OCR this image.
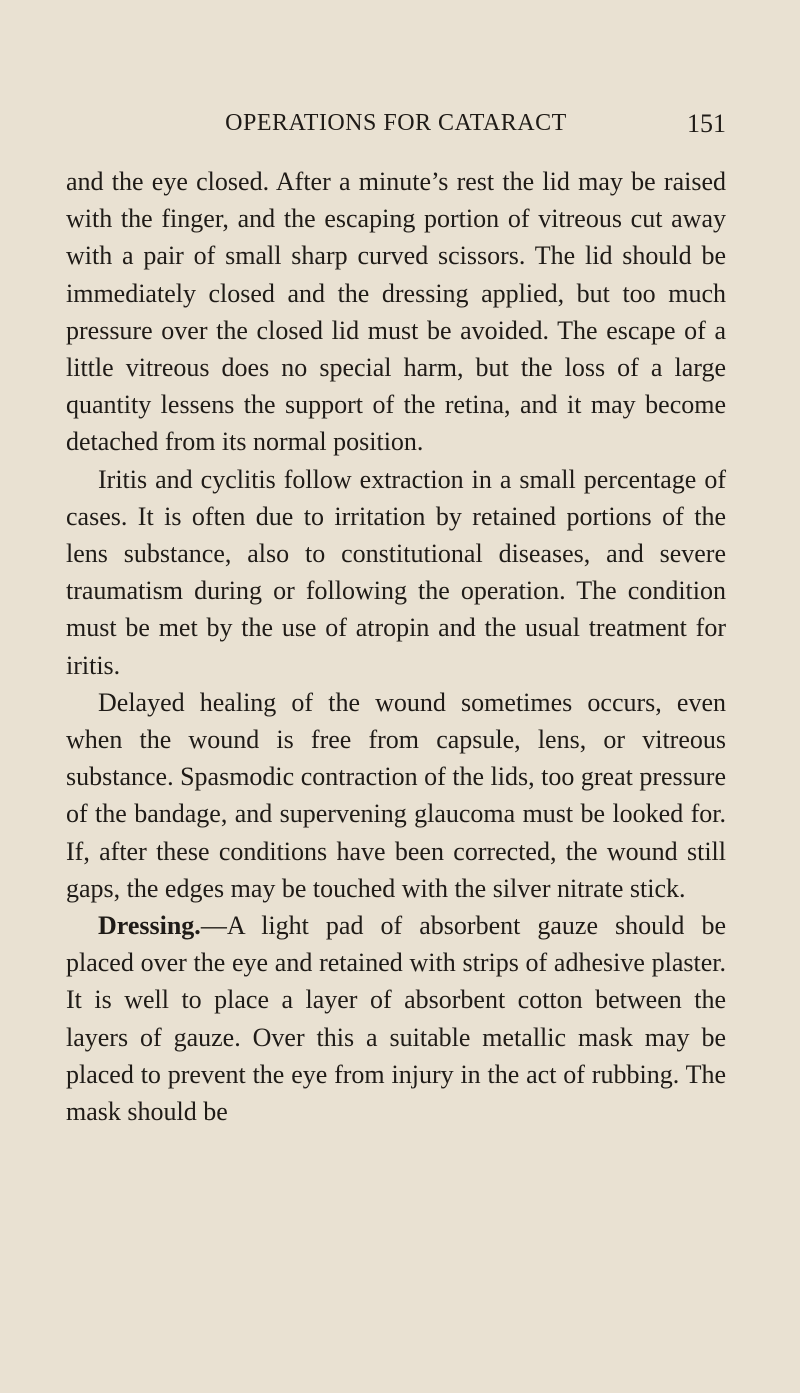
OPERATIONS FOR CATARACT	151

and the eye closed. After a minute’s rest the lid may be raised with the finger, and the escaping portion of vitreous cut away with a pair of small sharp curved scissors. The lid should be immediately closed and the dressing applied, but too much pressure over the closed lid must be avoided. The escape of a little vitreous does no special harm, but the loss of a large quantity lessens the support of the retina, and it may become detached from its normal position.

Iritis and cyclitis follow extraction in a small percentage of cases. It is often due to irritation by retained portions of the lens substance, also to constitutional diseases, and severe traumatism during or following the operation. The condition must be met by the use of atropin and the usual treatment for iritis.

Delayed healing of the wound sometimes occurs, even when the wound is free from capsule, lens, or vitreous substance. Spasmodic contraction of the lids, too great pressure of the bandage, and supervening glaucoma must be looked for. If, after these conditions have been corrected, the wound still gaps, the edges may be touched with the silver nitrate stick.

Dressing.—A light pad of absorbent gauze should be placed over the eye and retained with strips of adhesive plaster. It is well to place a layer of absorbent cotton between the layers of gauze. Over this a suitable metallic mask may be placed to prevent the eye from injury in the act of rubbing. The mask should be
